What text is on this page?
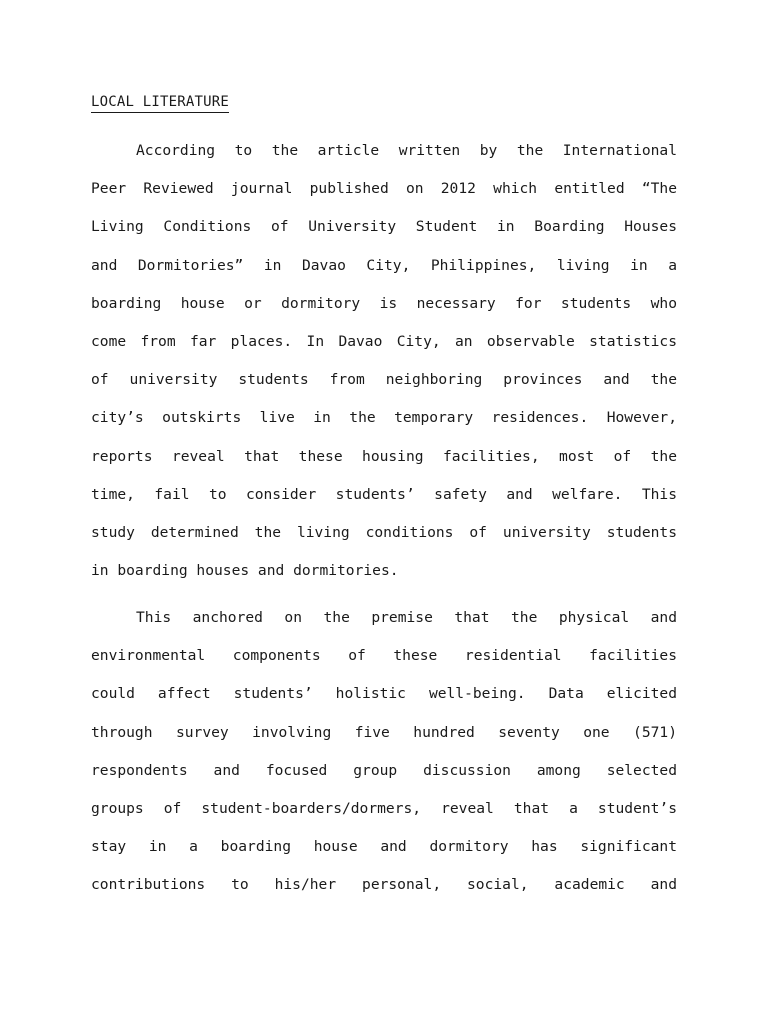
LOCAL LITERATURE
According to the article written by the International
Peer Reviewed journal published on 2012 which entitled “The
Living Conditions of University Student in Boarding Houses
and Dormitories” in Davao City, Philippines, living in a
boarding house or dormitory is necessary for students who
come from far places. In Davao City, an observable statistics
of university students from neighboring provinces and the
city’s outskirts live in the temporary residences. However,
reports reveal that these housing facilities, most of the
time, fail to consider students’ safety and welfare. This
study determined the living conditions of university students
in boarding houses and dormitories.
This anchored on the premise that the physical and
environmental components of these residential facilities
could affect students’ holistic well-being. Data elicited
through survey involving five hundred seventy one (571)
respondents and focused group discussion among selected
groups of student-boarders/dormers, reveal that a student’s
stay in a boarding house and dormitory has significant
contributions to his/her personal, social, academic and
